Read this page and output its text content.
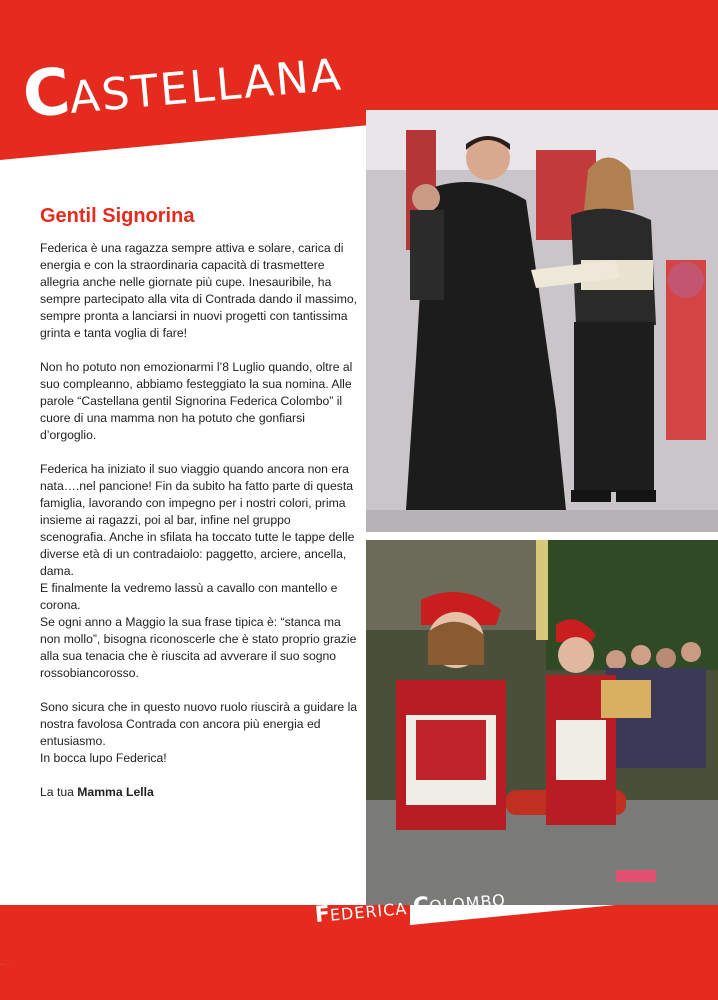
CASTELLANA
Gentil Signorina

Federica è una ragazza sempre attiva e solare, carica di energia e con la straordinaria capacità di trasmettere allegria anche nelle giornate più cupe. Inesauribile, ha sempre partecipato alla vita di Contrada dando il massimo, sempre pronta a lanciarsi in nuovi progetti con tantissima grinta e tanta voglia di fare!

Non ho potuto non emozionarmi l’8 Luglio quando, oltre al suo compleanno, abbiamo festeggiato la sua nomina. Alle parole “Castellana gentil Signorina Federica Colombo” il cuore di una mamma non ha potuto che gonfiarsi d’orgoglio.

Federica ha iniziato il suo viaggio quando ancora non era nata….nel pancione! Fin da subito ha fatto parte di questa famiglia, lavorando con impegno per i nostri colori, prima insieme ai ragazzi, poi al bar, infine nel gruppo scenografia. Anche in sfilata ha toccato tutte le tappe delle diverse età di un contradaiolo: paggetto, arciere, ancella, dama.

E finalmente la vedremo lassù a cavallo con mantello e corona.

Se ogni anno a Maggio la sua frase tipica è: “stanca ma non mollo”, bisogna riconoscerle che è stato proprio grazie alla sua tenacia che è riuscita ad avverare il suo sogno rossobiancorosso.

Sono sicura che in questo nuovo ruolo riuscirà a guidare la nostra favolosa Contrada con ancora più energia ed entusiasmo.

In bocca lupo Federica!

La tua Mamma Lella

FEDERICA COLOMBO
